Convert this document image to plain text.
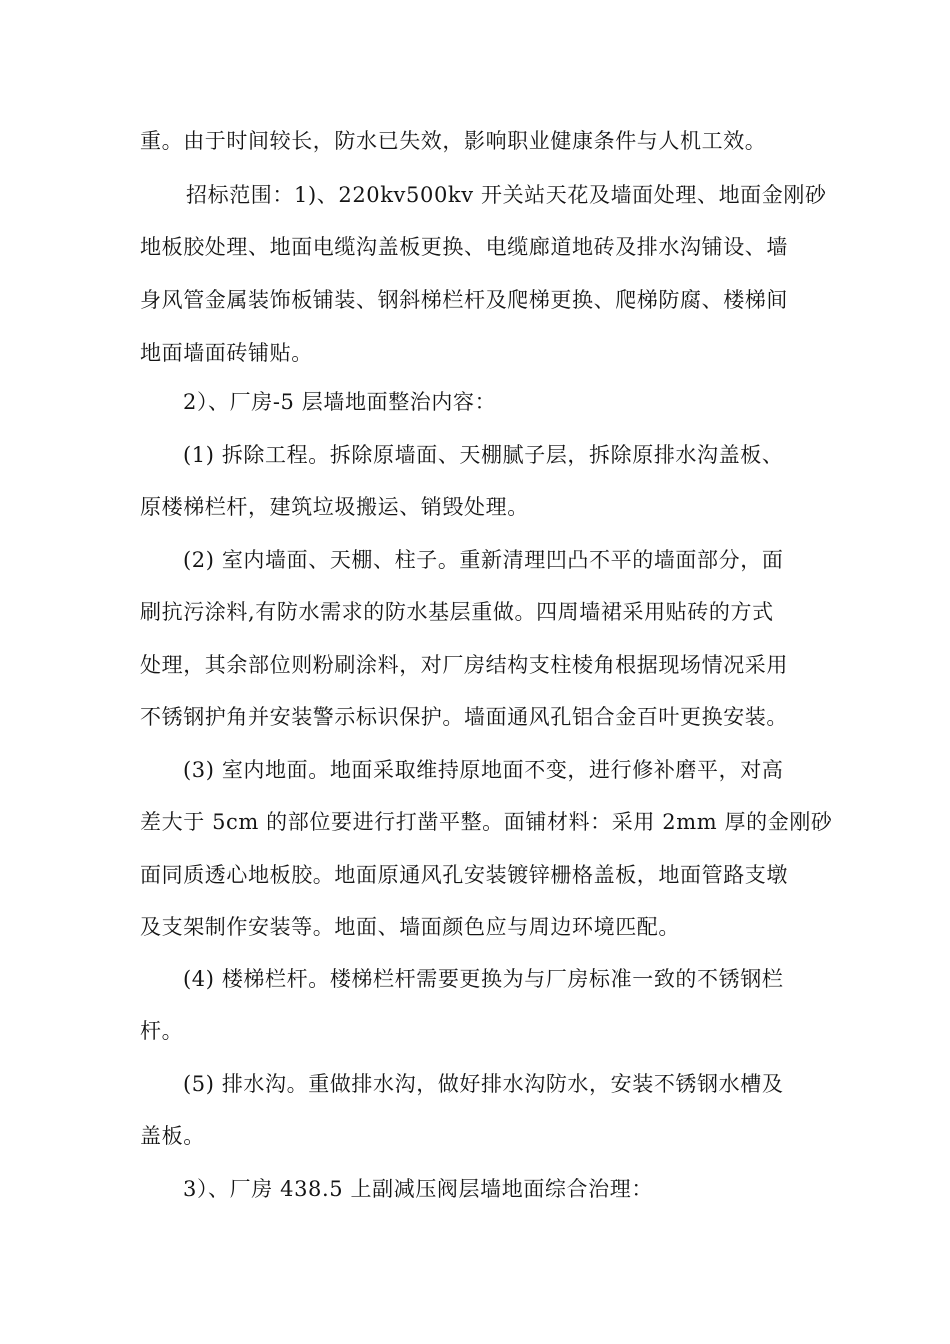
重。由于时间较长，防水已失效，影响职业健康条件与人机工效。
招标范围：1)、220kv500kv 开关站天花及墙面处理、地面金刚砂
地板胶处理、地面电缆沟盖板更换、电缆廊道地砖及排水沟铺设、墙
身风管金属装饰板铺装、钢斜梯栏杆及爬梯更换、爬梯防腐、楼梯间
地面墙面砖铺贴。
2）、厂房-5 层墙地面整治内容：
(1) 拆除工程。拆除原墙面、天棚腻子层，拆除原排水沟盖板、
原楼梯栏杆，建筑垃圾搬运、销毁处理。
(2) 室内墙面、天棚、柱子。重新清理凹凸不平的墙面部分，面
刷抗污涂料,有防水需求的防水基层重做。四周墙裙采用贴砖的方式
处理，其余部位则粉刷涂料，对厂房结构支柱棱角根据现场情况采用
不锈钢护角并安装警示标识保护。墙面通风孔铝合金百叶更换安装。
(3) 室内地面。地面采取维持原地面不变，进行修补磨平，对高
差大于 5cm 的部位要进行打凿平整。面铺材料：采用 2mm 厚的金刚砂
面同质透心地板胶。地面原通风孔安装镀锌栅格盖板，地面管路支墩
及支架制作安装等。地面、墙面颜色应与周边环境匹配。
(4) 楼梯栏杆。楼梯栏杆需要更换为与厂房标准一致的不锈钢栏
杆。
(5) 排水沟。重做排水沟，做好排水沟防水，安装不锈钢水槽及
盖板。
3）、厂房 438.5 上副减压阀层墙地面综合治理：
